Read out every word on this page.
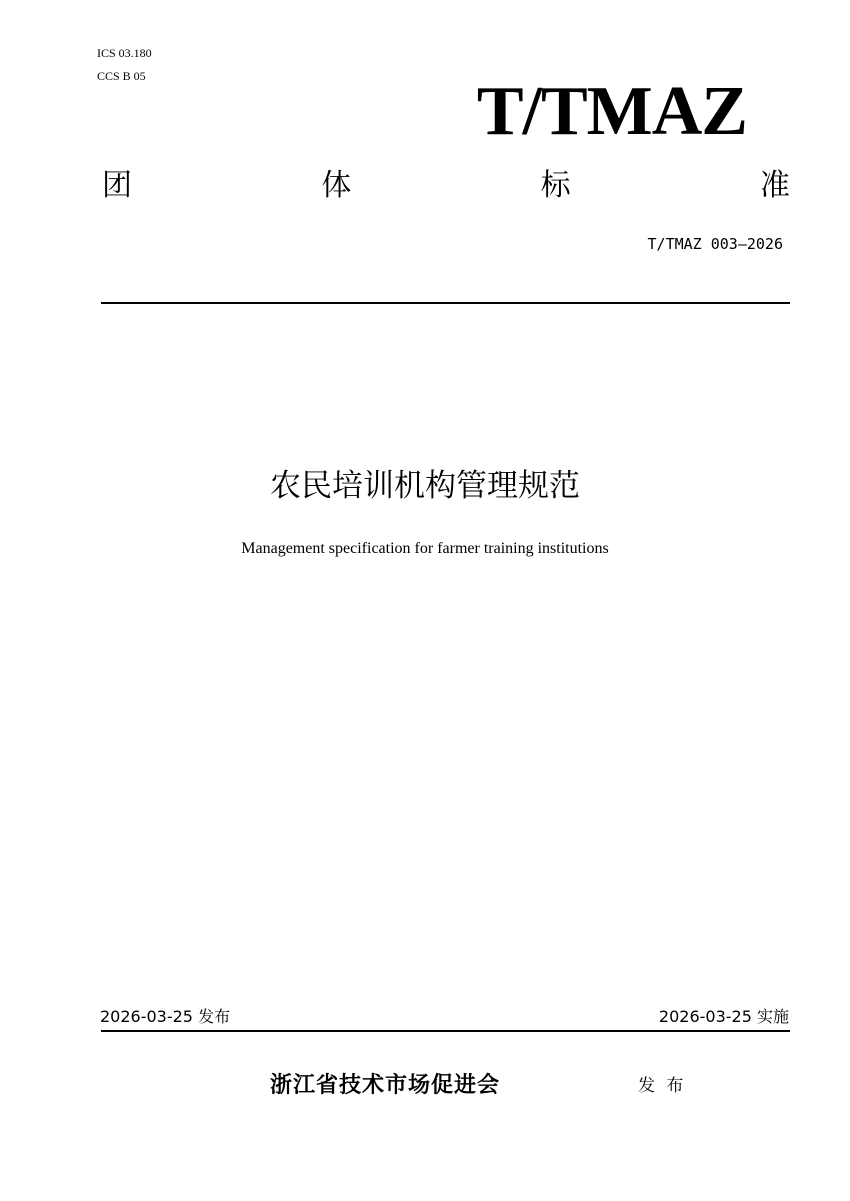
ICS 03.180
CCS B 05	T/TMAZ
团	体	标	准
T/TMAZ 003—2026
农民培训机构管理规范
Management specification for farmer training institutions
2026-03-25 发布	2026-03-25 实施
浙江省技术市场促进会	发 布
